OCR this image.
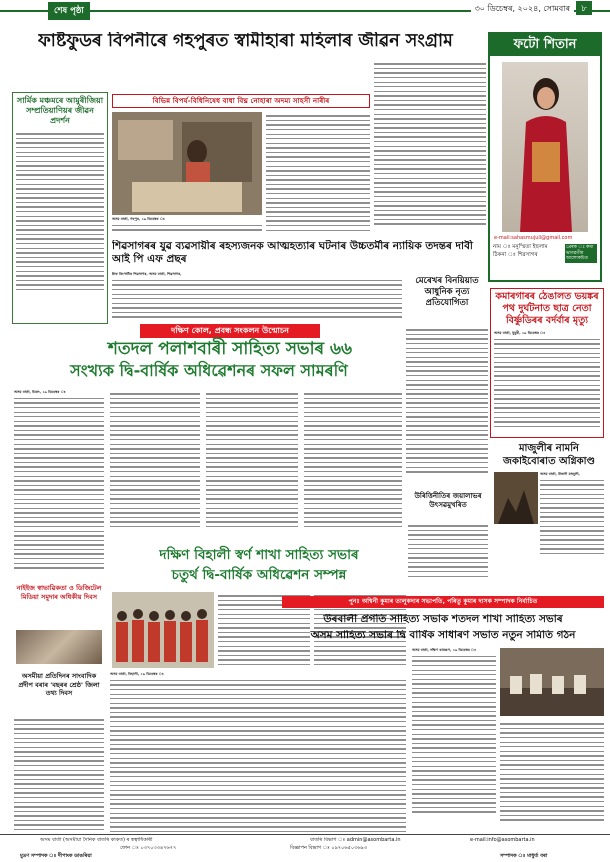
শেষ পৃষ্ঠা	৩০ ডিচেম্বৰ, ২০২৪, সোমবাৰ	৮
ফাষ্টফুডৰ বিপনীৰে গহপুৰত স্বামীহাৰা মহিলাৰ জীৱন সংগ্ৰাম
সাৰ্মিক মঞ্চমৰে আমুৰীজিয়া সম্প্ৰতিয়াণিয়ৰ জীৱন প্ৰদৰ্শন
বিভিন্ন বিপৰ্য-বিধিনিষেধ বাধা বিঘ্ন নোহাৰা অদম্য সাহসী নাৰীৰ
অসম বাৰ্তা, গহপুৰ, ২৯ ডিচেম্বৰ ঃ
ফটো শিতান
e-mail:sahasmujuli@gmail.com
নাম ঃ মনুস্মিতা ইছলাম
ঠিকনা ঃ শিৱসাগৰ
প্ৰেৰক ঃ ৰুমা ভাগৱতীয় আলোকচিত্ৰ
শিৱসাগৰৰ যুৱ ব্যৱসায়ীৰ ৰহস্যজনক আত্মহত্যাৰ ঘটনাৰ উচ্চতৰ্মীৰ ন্যায়িক তদন্তৰ দাবী আই পি এফ প্ৰছৰ
ষ্টাফ ৰিপোৰ্টাৰ শিৱসাগৰ, অসম বাৰ্তা, শিৱসাগৰ,
মেৰেখৰ বিনয়িয়াত আধুনিক নৃত্য প্ৰতিযোগিতা
কমাৰগাৰৰ ঠেঙালত ভয়ঙ্কৰ পথ দুৰ্ঘটনাত ছাত্ৰ নেতা বিৰ্ষ্ণুডিৰৰ বৰ্দৰ্বাৰ মৃত্যু
অসম বাৰ্তা, ধুবুৰী, ২৯ ডিচেম্বৰ ঃ
দক্ষিণ কোল, প্ৰবন্ধ সংকলন উন্মোচন
শতদল পলাশবাৰী সাহিত্য সভাৰ ৬৬
সংখ্যক দ্বি-বাৰ্ষিক অধিৱেশনৰ সফল সামৰণি
অসম বাৰ্তা, চিৰাং, ২৯ ডিচেম্বৰ ঃ
উৰিত্তিনীতিৰ জয়ালাভৰ উৎসৱমুখৰিত
মাজুলীৰ নামনি জকাইবোৰাত অগ্নিকাণ্ড
অসম বাৰ্তা, উজনী মাজুলী,
নাইইজ স্বাভাৱিকতা ও ডিজিটেল মিডিয়া সমুদাৰ অধিকীয় দিবস
অসমীয়া প্ৰতিদিনৰ সাংবাদিক প্ৰদীপ বৰাৰ 'বছৰৰ শ্ৰেষ্ঠ' জিলা তথ্য দিবস
দক্ষিণ বিহালী স্বৰ্ণ শাখা সাহিত্য সভাৰ
চতুৰ্থ দ্বি-বাৰ্ষিক অধিৱেশন সম্পন্ন
অসম বাৰ্তা, বিহালী, ২৯ ডিচেম্বৰ ঃ
পুনঃ অশ্বিনী কুমাৰ তালুকদাৰ সভাপতি, পৰিতু কুমাৰ দাসক সম্পাদক নিৰ্বাচিত
উৰবালী প্ৰগতি সাহিত্য সভাক শতদল শাখা সাহিত্য সভাৰ
অসম সাহিত্য সভাৰ দ্বি বাৰ্ষিক সাধাৰণ সভাত নতুন সমিতি গঠন
অসম বাৰ্তা, দক্ষিণ কামৰূপ, ২৯ ডিচেম্বৰ ঃ
অসম বাৰ্তা (অসমীয়া দৈনিক বাতৰি কাকত) ৰ স্বত্বাধিকাৰী	বাতৰি বিভাগ ঃ admin@asombarta.in	e-mail:info@asombarta.in
ফোন ঃ ০৩৭০৩৩৪৭৬৭৭	বিজ্ঞাপন বিভাগ ঃ ০৯৭০৬৫০৩৬৯৩
মুদ্ৰণ সম্পাদক ঃ দীপাংক ডাঙৰিয়া	সম্পাদক ঃ মাধুৰ্য্য বৰা
